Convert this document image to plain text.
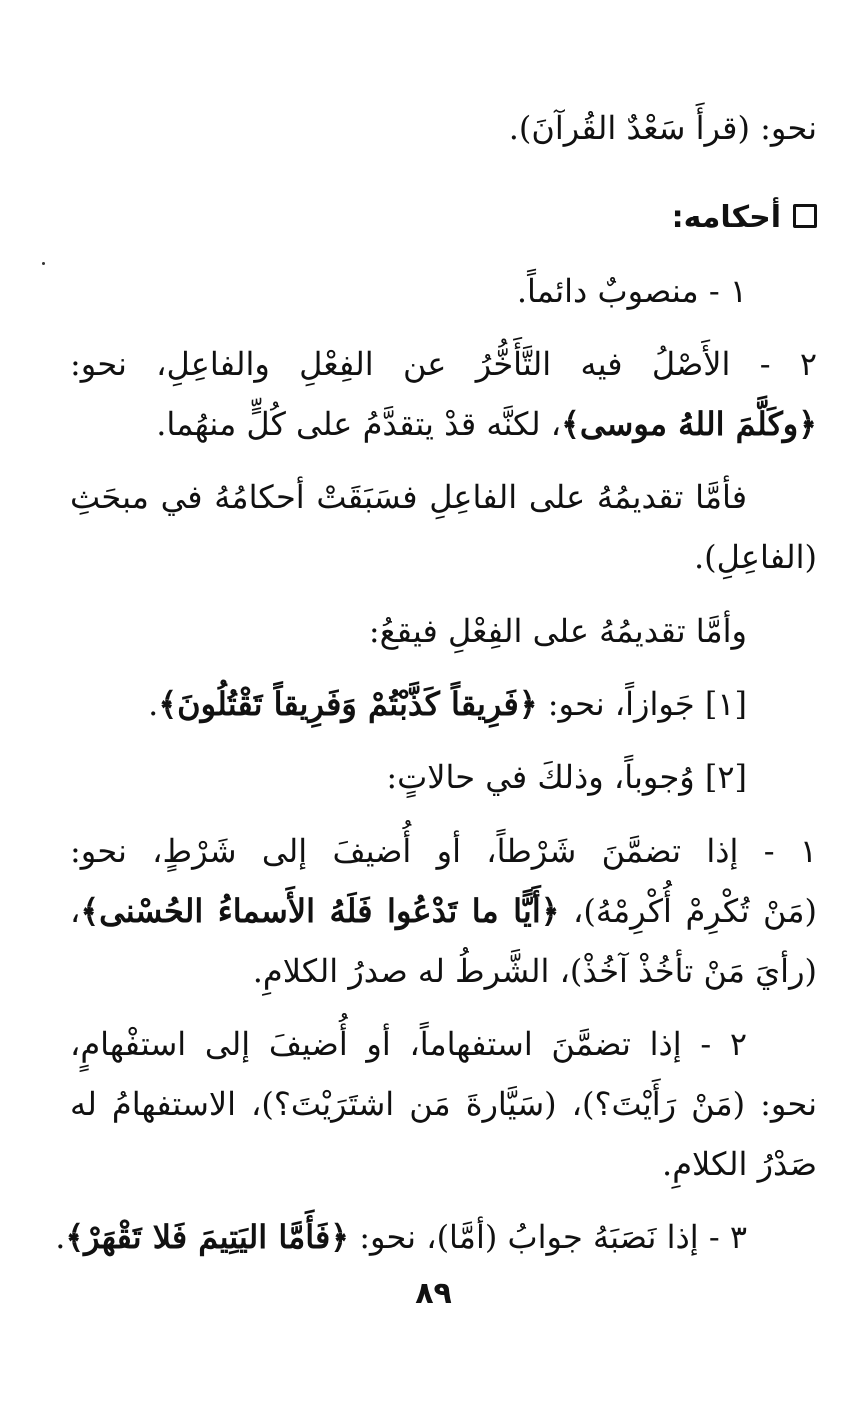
نحو: (قرأَ سَعْدٌ القُرآنَ).
أحكامه:
١ - منصوبٌ دائماً.
٢ - الأَصْلُ فيه التَّأَخُّرُ عن الفِعْلِ والفاعِلِ، نحو:
﴿وكَلَّمَ اللهُ موسى﴾، لكنَّه قدْ يتقدَّمُ على كُلٍّ منهُما.
فأمَّا تقديمُهُ على الفاعِلِ فسَبَقَتْ أحكامُهُ في مبحَثِ
(الفاعِلِ).
وأمَّا تقديمُهُ على الفِعْلِ فيقعُ:
[١] جَوازاً، نحو: ﴿فَرِيقاً كَذَّبْتُمْ وَفَرِيقاً تَقْتُلُونَ﴾.
[٢] وُجوباً، وذلكَ في حالاتٍ:
١ - إذا تضمَّنَ شَرْطاً، أو أُضيفَ إلى شَرْطٍ، نحو:
(مَنْ تُكْرِمْ أُكْرِمْهُ)، ﴿أَيًّا ما تَدْعُوا فَلَهُ الأَسماءُ الحُسْنى﴾،
(رأيَ مَنْ تأخُذْ آخُذْ)، الشَّرطُ له صدرُ الكلامِ.
٢ - إذا تضمَّنَ استفهاماً، أو أُضيفَ إلى استفْهامٍ،
نحو: (مَنْ رَأَيْتَ؟)، (سَيَّارةَ مَن اشتَرَيْتَ؟)، الاستفهامُ له
صَدْرُ الكلامِ.
٣ - إذا نَصَبَهُ جوابُ (أمَّا)، نحو: ﴿فَأَمَّا اليَتِيمَ فَلا تَقْهَرْ﴾.
٨٩
